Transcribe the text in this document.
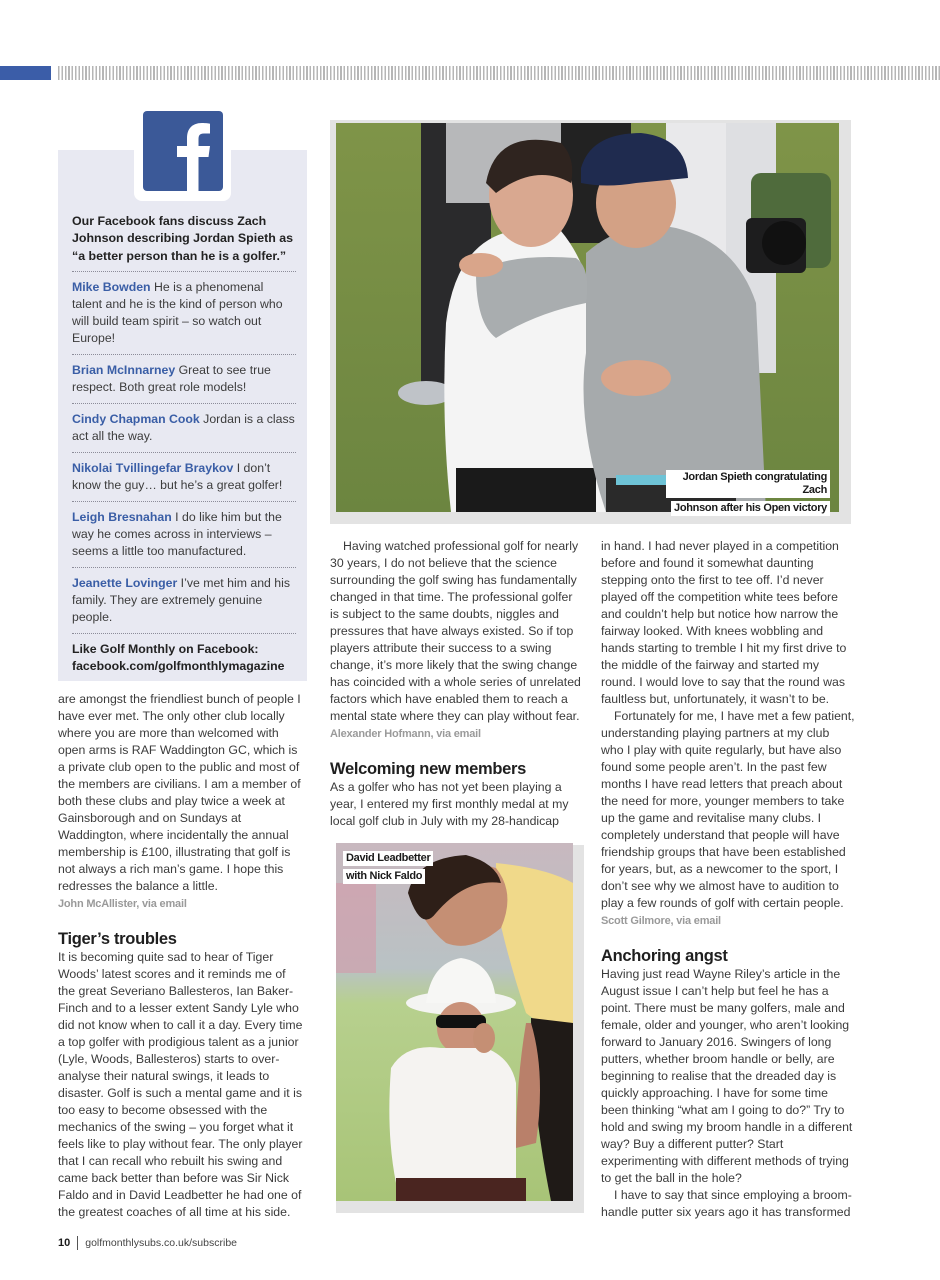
Our Facebook fans discuss Zach Johnson describing Jordan Spieth as “a better person than he is a golfer.”
Mike Bowden He is a phenomenal talent and he is the kind of person who will build team spirit – so watch out Europe!
Brian McInnarney Great to see true respect. Both great role models!
Cindy Chapman Cook Jordan is a class act all the way.
Nikolai Tvillingefar Braykov I don’t know the guy… but he’s a great golfer!
Leigh Bresnahan I do like him but the way he comes across in interviews – seems a little too manufactured.
Jeanette Lovinger I’ve met him and his family. They are extremely genuine people.
Like Golf Monthly on Facebook:
facebook.com/golfmonthlymagazine

are amongst the friendliest bunch of people I have ever met. The only other club locally where you are more than welcomed with open arms is RAF Waddington GC, which is a private club open to the public and most of the members are civilians. I am a member of both these clubs and play twice a week at Gainsborough and on Sundays at Waddington, where incidentally the annual membership is £100, illustrating that golf is not always a rich man’s game. I hope this redresses the balance a little.

John McAllister, via email

Tiger’s troubles

It is becoming quite sad to hear of Tiger Woods’ latest scores and it reminds me of the great Severiano Ballesteros, Ian Baker-Finch and to a lesser extent Sandy Lyle who did not know when to call it a day. Every time a top golfer with prodigious talent as a junior (Lyle, Woods, Ballesteros) starts to over-analyse their natural swings, it leads to disaster. Golf is such a mental game and it is too easy to become obsessed with the mechanics of the swing – you forget what it feels like to play without fear. The only player that I can recall who rebuilt his swing and came back better than before was Sir Nick Faldo and in David Leadbetter he had one of the greatest coaches of all time at his side.

Jordan Spieth congratulating Zach
Johnson after his Open victory

Having watched professional golf for nearly 30 years, I do not believe that the science surrounding the golf swing has fundamentally changed in that time. The professional golfer is subject to the same doubts, niggles and pressures that have always existed. So if top players attribute their success to a swing change, it’s more likely that the swing change has coincided with a whole series of unrelated factors which have enabled them to reach a mental state where they can play without fear.

Alexander Hofmann, via email

Welcoming new members

As a golfer who has not yet been playing a year, I entered my first monthly medal at my local golf club in July with my 28-handicap

David Leadbetter
with Nick Faldo

in hand. I had never played in a competition before and found it somewhat daunting stepping onto the first to tee off. I’d never played off the competition white tees before and couldn’t help but notice how narrow the fairway looked. With knees wobbling and hands starting to tremble I hit my first drive to the middle of the fairway and started my round. I would love to say that the round was faultless but, unfortunately, it wasn’t to be.

Fortunately for me, I have met a few patient, understanding playing partners at my club who I play with quite regularly, but have also found some people aren’t. In the past few months I have read letters that preach about the need for more, younger members to take up the game and revitalise many clubs. I completely understand that people will have friendship groups that have been established for years, but, as a newcomer to the sport, I don’t see why we almost have to audition to play a few rounds of golf with certain people.

Scott Gilmore, via email

Anchoring angst

Having just read Wayne Riley’s article in the August issue I can’t help but feel he has a point. There must be many golfers, male and female, older and younger, who aren’t looking forward to January 2016. Swingers of long putters, whether broom handle or belly, are beginning to realise that the dreaded day is quickly approaching. I have for some time been thinking “what am I going to do?” Try to hold and swing my broom handle in a different way? Buy a different putter? Start experimenting with different methods of trying to get the ball in the hole?

I have to say that since employing a broom-handle putter six years ago it has transformed

10 golfmonthlysubs.co.uk/subscribe
